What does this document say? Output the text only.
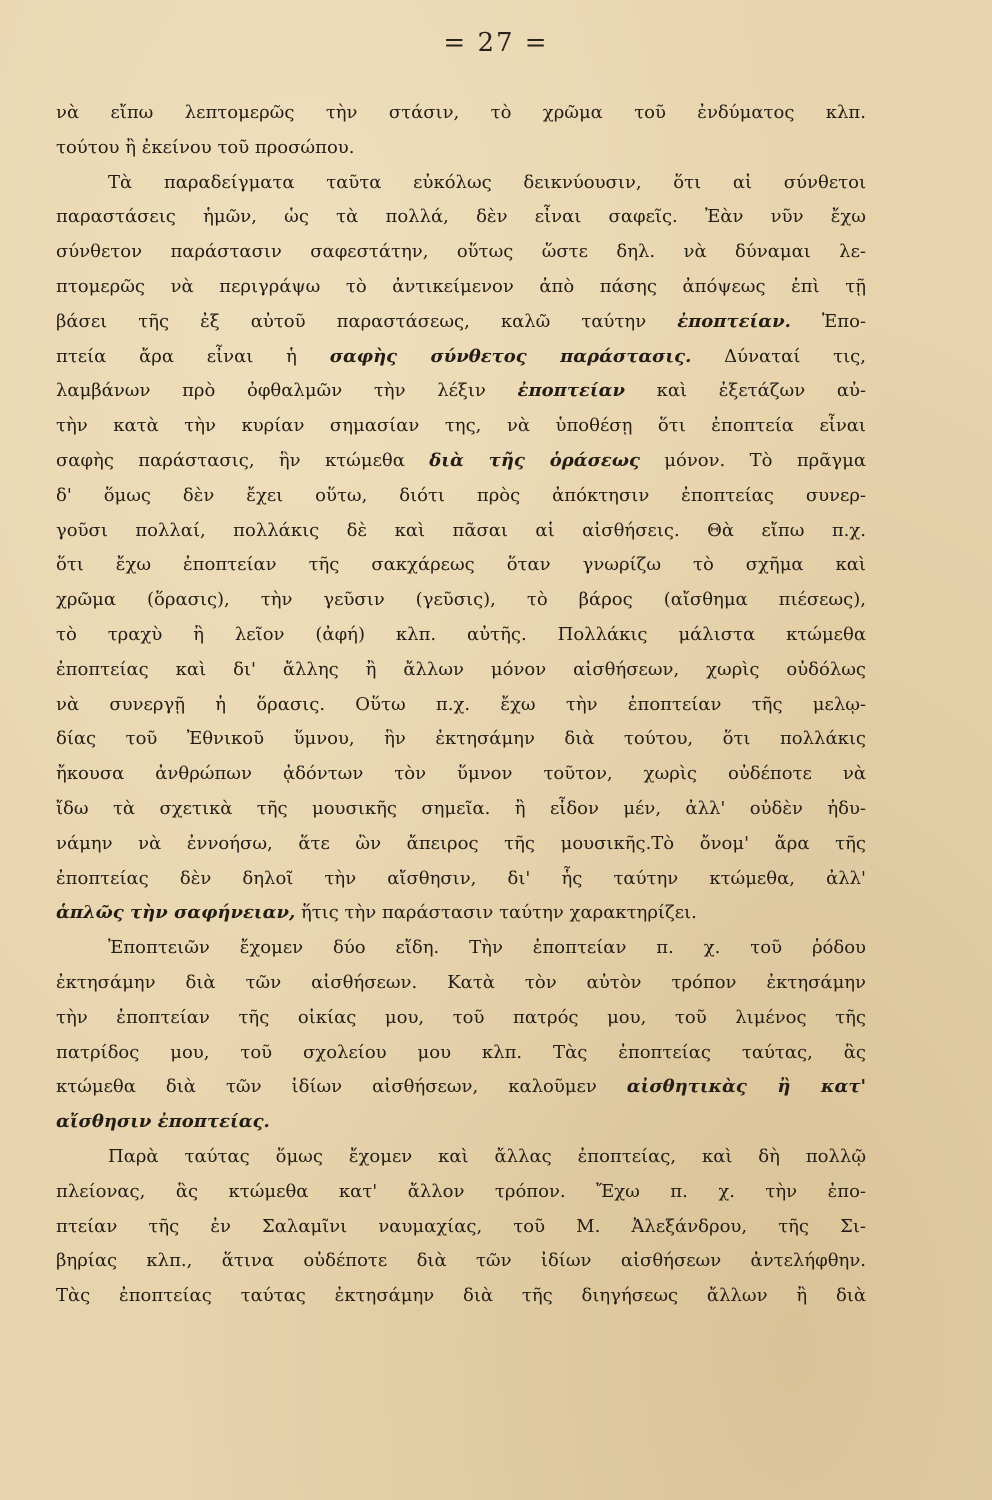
= 27 =
νὰ εἴπω λεπτομερῶς τὴν στάσιν, τὸ χρῶμα τοῦ ἐνδύματος κλπ.
τούτου ἢ ἐκείνου τοῦ προσώπου.
Τὰ παραδείγματα ταῦτα εὐκόλως δεικνύουσιν, ὅτι αἱ σύνθετοι
παραστάσεις ἡμῶν, ὡς τὰ πολλά, δὲν εἶναι σαφεῖς. Ἐὰν νῦν ἔχω
σύνθετον παράστασιν σαφεστάτην, οὕτως ὥστε δηλ. νὰ δύναμαι λε-
πτομερῶς νὰ περιγράψω τὸ ἀντικείμενον ἀπὸ πάσης ἀπόψεως ἐπὶ τῇ
βάσει τῆς ἐξ αὐτοῦ παραστάσεως, καλῶ ταύτην ἐποπτείαν. Ἐπο-
πτεία ἄρα εἶναι ἡ σαφὴς σύνθετος παράστασις. Δύναταί τις,
λαμβάνων πρὸ ὀφθαλμῶν τὴν λέξιν ἐποπτείαν καὶ ἐξετάζων αὐ-
τὴν κατὰ τὴν κυρίαν σημασίαν της, νὰ ὑποθέσῃ ὅτι ἐποπτεία εἶναι
σαφὴς παράστασις, ἣν κτώμεθα διὰ τῆς ὁράσεως μόνον. Τὸ πρᾶγμα
δ' ὅμως δὲν ἔχει οὕτω, διότι πρὸς ἀπόκτησιν ἐποπτείας συνερ-
γοῦσι πολλαί, πολλάκις δὲ καὶ πᾶσαι αἱ αἰσθήσεις. Θὰ εἴπω π.χ.
ὅτι ἔχω ἐποπτείαν τῆς σακχάρεως ὅταν γνωρίζω τὸ σχῆμα καὶ
χρῶμα (ὅρασις), τὴν γεῦσιν (γεῦσις), τὸ βάρος (αἴσθημα πιέσεως),
τὸ τραχὺ ἢ λεῖον (ἀφή) κλπ. αὐτῆς. Πολλάκις μάλιστα κτώμεθα
ἐποπτείας καὶ δι' ἄλλης ἢ ἄλλων μόνον αἰσθήσεων, χωρὶς οὐδόλως
νὰ συνεργῇ ἡ ὅρασις. Οὕτω π.χ. ἔχω τὴν ἐποπτείαν τῆς μελῳ-
δίας τοῦ Ἐθνικοῦ ὕμνου, ἣν ἐκτησάμην διὰ τούτου, ὅτι πολλάκις
ἤκουσα ἀνθρώπων ᾀδόντων τὸν ὕμνον τοῦτον, χωρὶς οὐδέποτε νὰ
ἴδω τὰ σχετικὰ τῆς μουσικῆς σημεῖα. ἢ εἶδον μέν, ἀλλ' οὐδὲν ἠδυ-
νάμην νὰ ἐννοήσω, ἅτε ὢν ἄπειρος τῆς μουσικῆς.Τὸ ὄνομ' ἄρα τῆς
ἐποπτείας δὲν δηλοῖ τὴν αἴσθησιν, δι' ἧς ταύτην κτώμεθα, ἀλλ'
ἁπλῶς τὴν σαφήνειαν, ἥτις τὴν παράστασιν ταύτην χαρακτηρίζει.
Ἐποπτειῶν ἔχομεν δύο εἴδη. Τὴν ἐποπτείαν π. χ. τοῦ ῥόδου
ἐκτησάμην διὰ τῶν αἰσθήσεων. Κατὰ τὸν αὐτὸν τρόπον ἐκτησάμην
τὴν ἐποπτείαν τῆς οἰκίας μου, τοῦ πατρός μου, τοῦ λιμένος τῆς
πατρίδος μου, τοῦ σχολείου μου κλπ. Τὰς ἐποπτείας ταύτας, ἃς
κτώμεθα διὰ τῶν ἰδίων αἰσθήσεων, καλοῦμεν αἰσθητικὰς ἢ κατ'
αἴσθησιν ἐποπτείας.
Παρὰ ταύτας ὅμως ἔχομεν καὶ ἄλλας ἐποπτείας, καὶ δὴ πολλῷ
πλείονας, ἃς κτώμεθα κατ' ἄλλον τρόπον. Ἔχω π. χ. τὴν ἐπο-
πτείαν τῆς ἐν Σαλαμῖνι ναυμαχίας, τοῦ Μ. Ἀλεξάνδρου, τῆς Σι-
βηρίας κλπ., ἅτινα οὐδέποτε διὰ τῶν ἰδίων αἰσθήσεων ἀντελήφθην.
Τὰς ἐποπτείας ταύτας ἐκτησάμην διὰ τῆς διηγήσεως ἄλλων ἢ διὰ
